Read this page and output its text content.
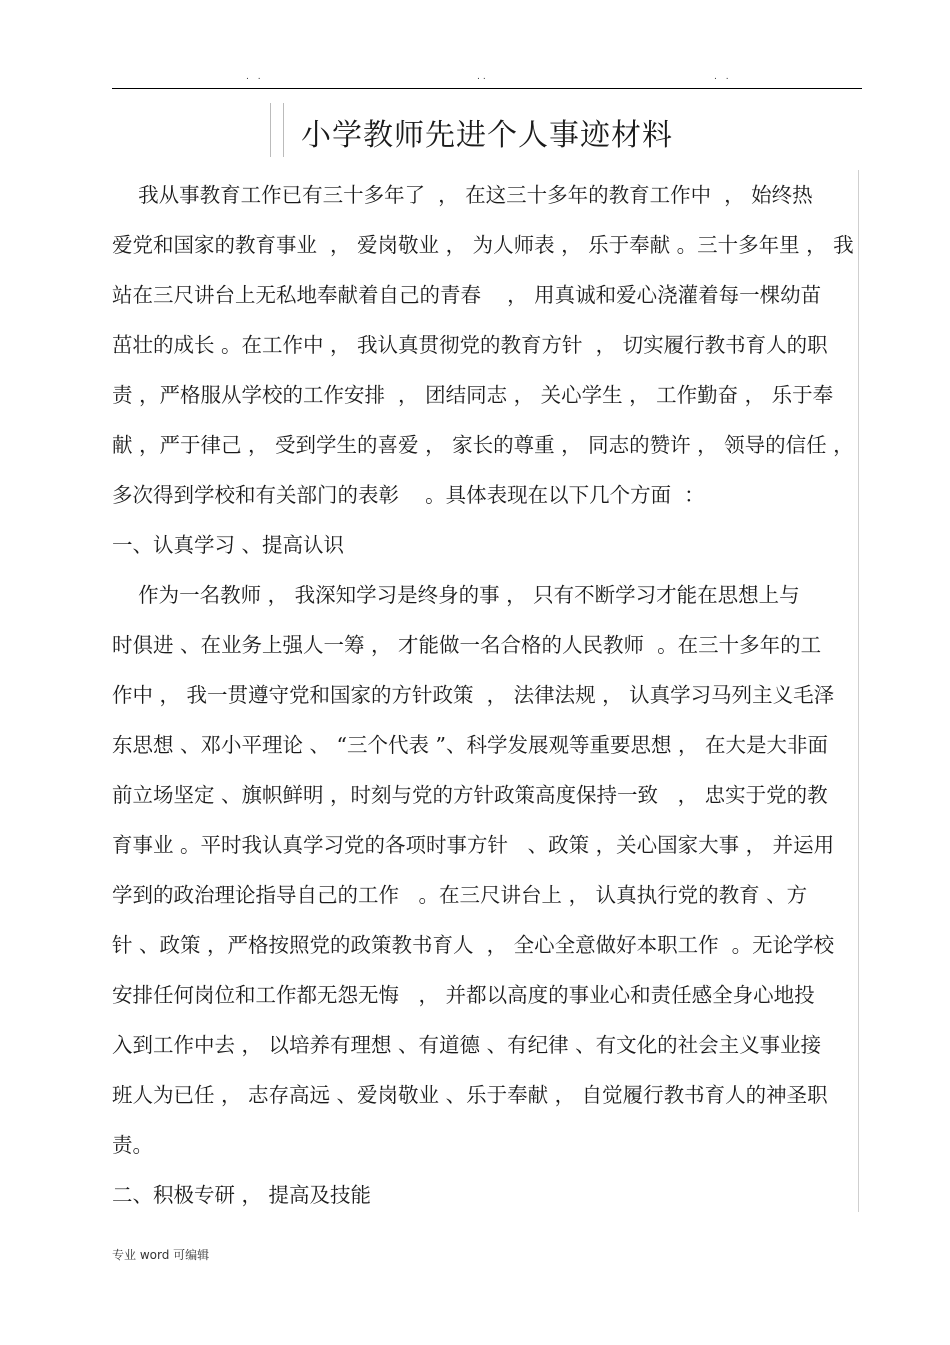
. .	..	. .
小学教师先进个人事迹材料
我从事教育工作已有三十多年了  ， 在这三十多年的教育工作中  ， 始终热
爱党和国家的教育事业  ， 爱岗敬业 ， 为人师表 ， 乐于奉献 。三十多年里 ， 我
站在三尺讲台上无私地奉献着自己的青春    ， 用真诚和爱心浇灌着每一棵幼苗
茁壮的成长 。在工作中 ， 我认真贯彻党的教育方针  ， 切实履行教书育人的职
责 ，严格服从学校的工作安排  ， 团结同志 ， 关心学生 ， 工作勤奋 ， 乐于奉
献 ，严于律己 ， 受到学生的喜爱 ， 家长的尊重 ， 同志的赞许 ， 领导的信任 ，
多次得到学校和有关部门的表彰    。具体表现在以下几个方面  ：
一、认真学习 、提高认识
作为一名教师 ， 我深知学习是终身的事 ， 只有不断学习才能在思想上与
时俱进 、在业务上强人一筹 ， 才能做一名合格的人民教师  。在三十多年的工
作中 ， 我一贯遵守党和国家的方针政策  ， 法律法规 ， 认真学习马列主义毛泽
东思想 、邓小平理论 、 “三个代表 ”、科学发展观等重要思想 ， 在大是大非面
前立场坚定 、旗帜鲜明 ，时刻与党的方针政策高度保持一致   ， 忠实于党的教
育事业 。平时我认真学习党的各项时事方针   、政策 ，关心国家大事 ， 并运用
学到的政治理论指导自己的工作   。在三尺讲台上 ， 认真执行党的教育 、方
针 、政策 ，严格按照党的政策教书育人  ， 全心全意做好本职工作  。无论学校
安排任何岗位和工作都无怨无悔   ， 并都以高度的事业心和责任感全身心地投
入到工作中去 ， 以培养有理想 、有道德 、有纪律 、有文化的社会主义事业接
班人为已任 ， 志存高远 、爱岗敬业 、乐于奉献 ， 自觉履行教书育人的神圣职
责。
二、积极专研 ， 提高及技能
专业 word 可编辑
